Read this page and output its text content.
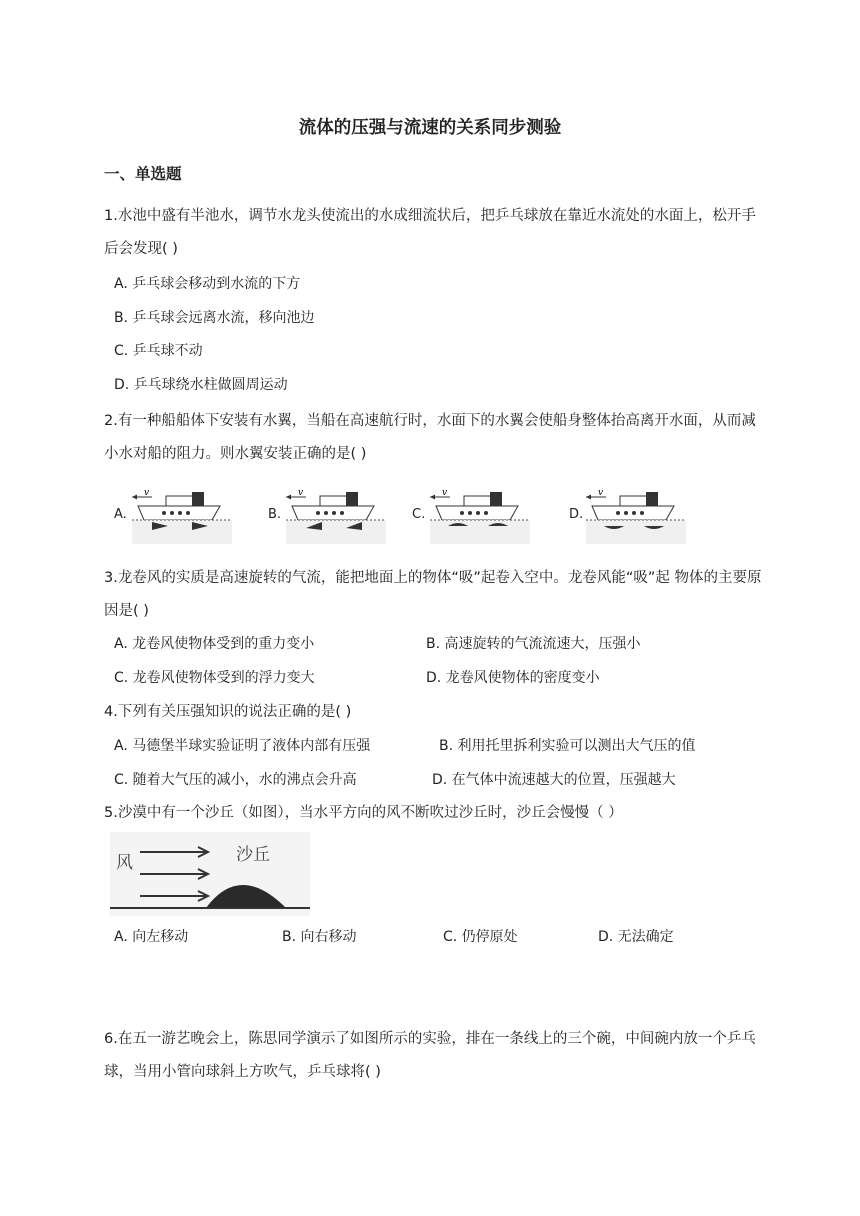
流体的压强与流速的关系同步测验
一、单选题
1.水池中盛有半池水，调节水龙头使流出的水成细流状后，把乒乓球放在靠近水流处的水面上，松开手后会发现( )
A. 乒乓球会移动到水流的下方
B. 乒乓球会远离水流，移向池边
C. 乒乓球不动
D. 乒乓球绕水柱做圆周运动
2.有一种船船体下安装有水翼，当船在高速航行时，水面下的水翼会使船身整体抬高离开水面，从而减小水对船的阻力。则水翼安装正确的是( )
A.	B.	C.	D.
v	v	v	v
3.龙卷风的实质是高速旋转的气流，能把地面上的物体“吸”起卷入空中。龙卷风能“吸”起 物体的主要原因是( )
A. 龙卷风使物体受到的重力变小	B. 高速旋转的气流流速大，压强小
C. 龙卷风使物体受到的浮力变大	D. 龙卷风使物体的密度变小
4.下列有关压强知识的说法正确的是( )
A. 马德堡半球实验证明了液体内部有压强	B. 利用托里拆利实验可以测出大气压的值
C. 随着大气压的减小，水的沸点会升高	D. 在气体中流速越大的位置，压强越大
5.沙漠中有一个沙丘（如图），当水平方向的风不断吹过沙丘时，沙丘会慢慢（ ）
风	沙丘
A. 向左移动	B. 向右移动	C. 仍停原处	D. 无法确定
6.在五一游艺晚会上，陈思同学演示了如图所示的实验，排在一条线上的三个碗，中间碗内放一个乒乓球，当用小管向球斜上方吹气，乒乓球将( )
